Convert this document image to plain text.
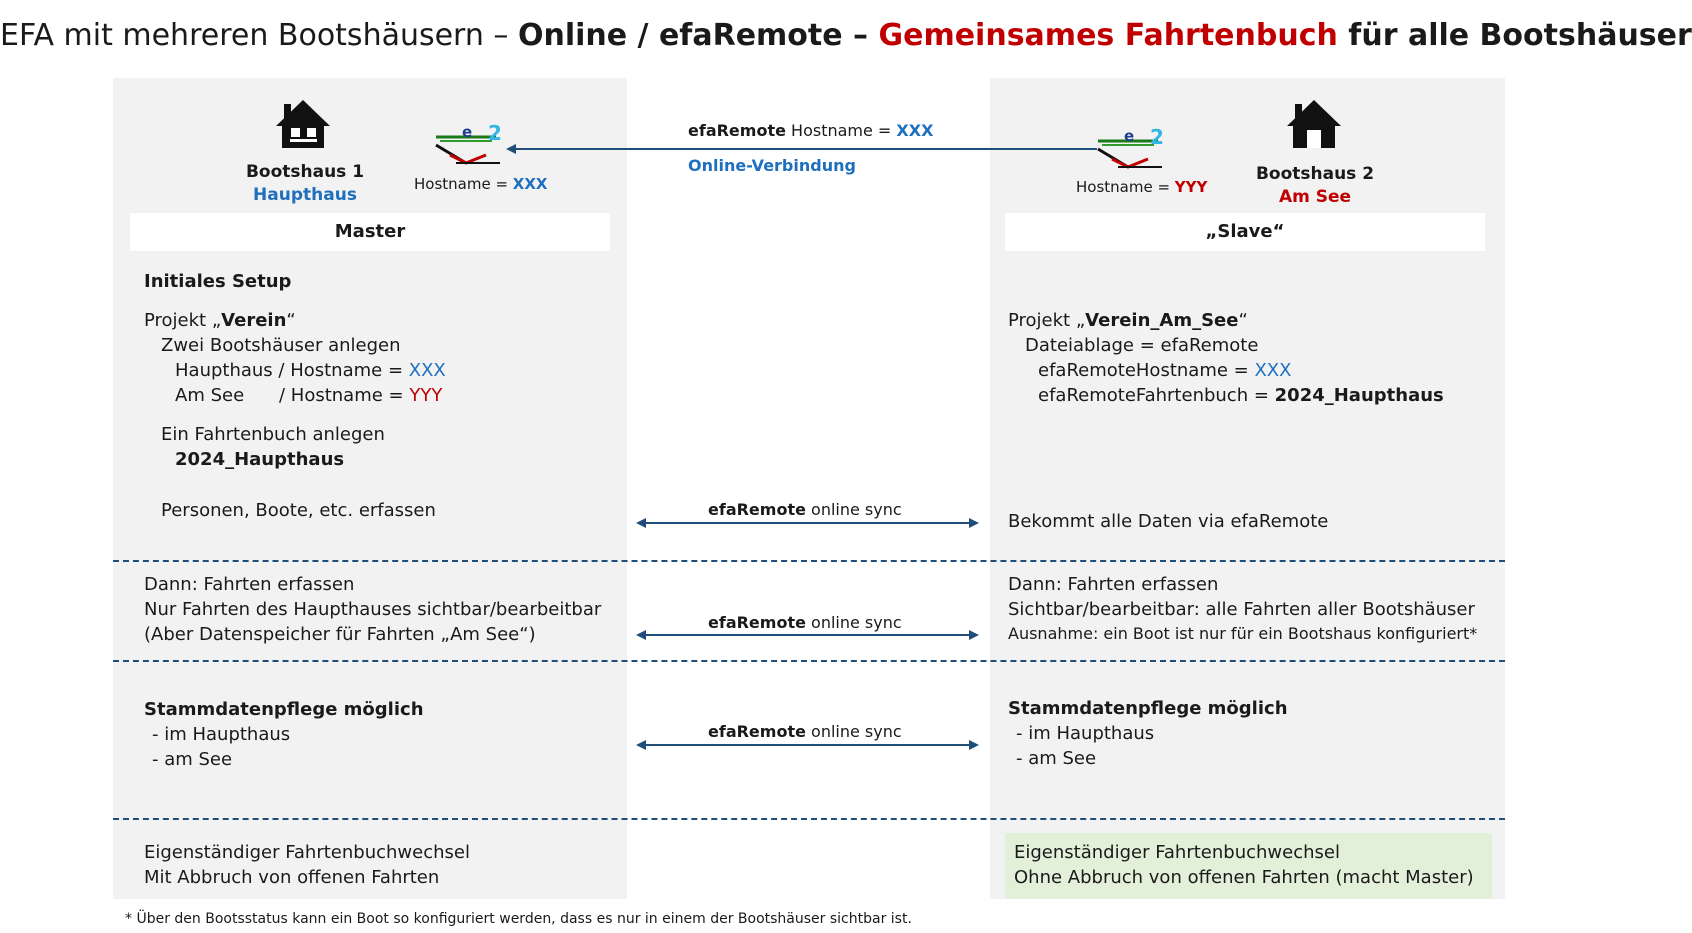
EFA mit mehreren Bootshäusern – Online / efaRemote – Gemeinsames Fahrtenbuch für alle Bootshäuser
e 2	e 2
Bootshaus 1
Haupthaus
Hostname = XXX	Bootshaus 2
Am See
Hostname = YYY
efaRemote Hostname = XXX
Online-Verbindung
Master	„Slave“
Initiales Setup
Projekt „Verein“
Zwei Bootshäuser anlegen
Haupthaus / Hostname = XXX
Am See / Hostname = YYY
Ein Fahrtenbuch anlegen
2024_Haupthaus
Personen, Boote, etc. erfassen
Dann: Fahrten erfassen
Nur Fahrten des Haupthauses sichtbar/bearbeitbar
(Aber Datenspeicher für Fahrten „Am See“)
Stammdatenpflege möglich
- im Haupthaus
- am See
Eigenständiger Fahrtenbuchwechsel
Mit Abbruch von offenen Fahrten
Projekt „Verein_Am_See“
Dateiablage = efaRemote
efaRemoteHostname = XXX
efaRemoteFahrtenbuch = 2024_Haupthaus
Bekommt alle Daten via efaRemote
Dann: Fahrten erfassen
Sichtbar/bearbeitbar: alle Fahrten aller Bootshäuser
Ausnahme: ein Boot ist nur für ein Bootshaus konfiguriert*
Stammdatenpflege möglich
- im Haupthaus
- am See
Eigenständiger Fahrtenbuchwechsel
Ohne Abbruch von offenen Fahrten (macht Master)
efaRemote online sync
efaRemote online sync
efaRemote online sync
* Über den Bootsstatus kann ein Boot so konfiguriert werden, dass es nur in einem der Bootshäuser sichtbar ist.
